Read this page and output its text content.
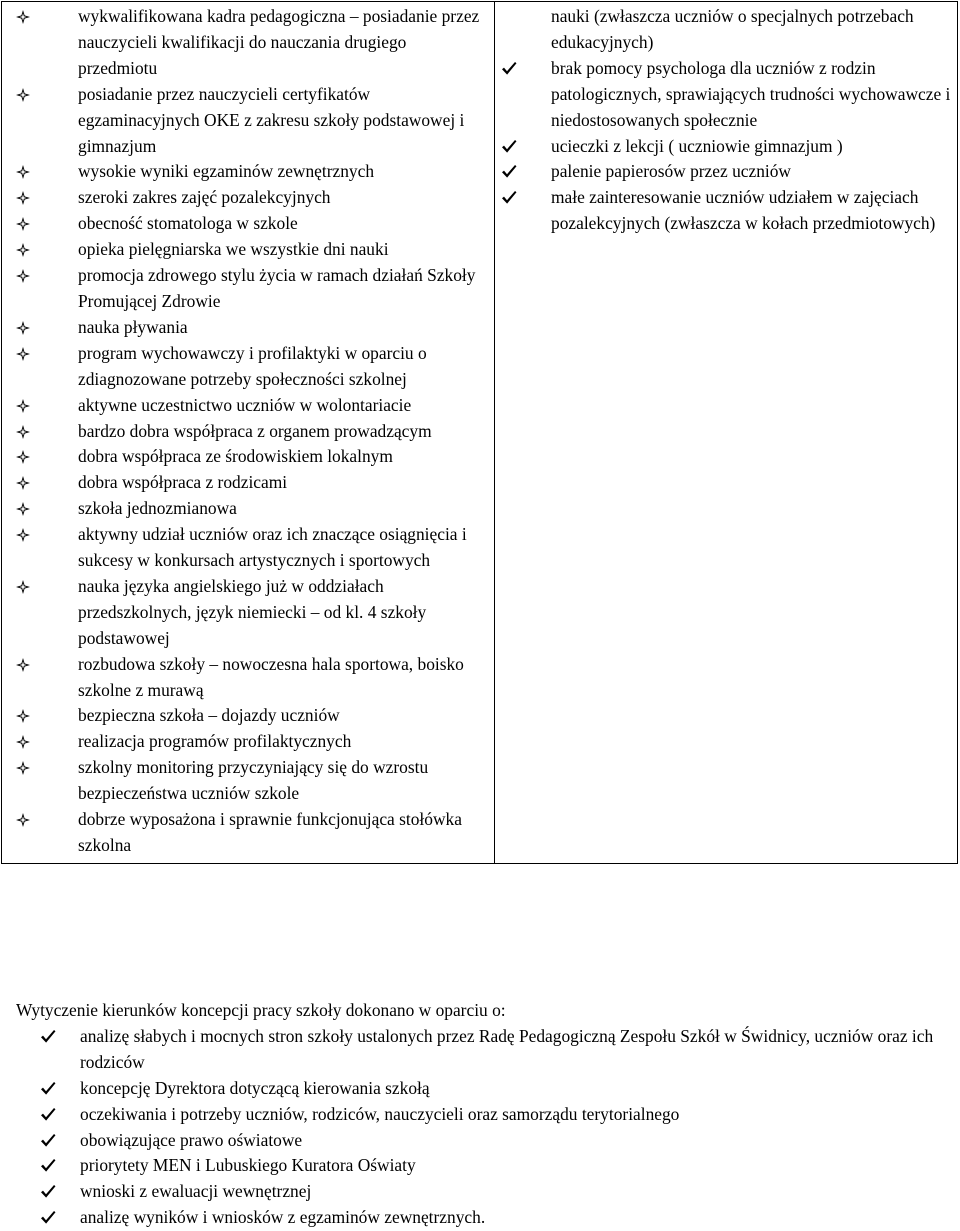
wykwalifikowana kadra pedagogiczna – posiadanie przez nauczycieli kwalifikacji do nauczania drugiego przedmiotu
posiadanie przez nauczycieli certyfikatów egzaminacyjnych OKE z zakresu szkoły podstawowej i gimnazjum
wysokie wyniki egzaminów zewnętrznych
szeroki zakres zajęć pozalekcyjnych
obecność stomatologa w szkole
opieka pielęgniarska we wszystkie dni nauki
promocja zdrowego stylu życia w ramach działań Szkoły Promującej Zdrowie
nauka pływania
program wychowawczy i profilaktyki w oparciu o zdiagnozowane potrzeby społeczności szkolnej
aktywne uczestnictwo uczniów w wolontariacie
bardzo dobra współpraca z organem prowadzącym
dobra współpraca ze środowiskiem lokalnym
dobra współpraca z rodzicami
szkoła jednozmianowa
aktywny udział uczniów oraz ich znaczące osiągnięcia i sukcesy w konkursach artystycznych i sportowych
nauka języka angielskiego już w oddziałach przedszkolnych, język niemiecki – od kl. 4 szkoły podstawowej
rozbudowa szkoły – nowoczesna hala sportowa, boisko szkolne z murawą
bezpieczna szkoła – dojazdy uczniów
realizacja programów profilaktycznych
szkolny monitoring przyczyniający się do wzrostu bezpieczeństwa uczniów szkole
dobrze wyposażona i sprawnie funkcjonująca stołówka szkolna

nauki (zwłaszcza uczniów o specjalnych potrzebach edukacyjnych)
brak pomocy psychologa dla uczniów z rodzin patologicznych, sprawiających trudności wychowawcze i niedostosowanych społecznie
ucieczki z lekcji ( uczniowie gimnazjum )
palenie papierosów przez uczniów
małe zainteresowanie uczniów udziałem w zajęciach pozalekcyjnych (zwłaszcza w kołach przedmiotowych)
Wytyczenie kierunków koncepcji pracy szkoły dokonano w oparciu o:
analizę słabych i mocnych stron szkoły ustalonych przez Radę Pedagogiczną Zespołu Szkół w Świdnicy, uczniów oraz ich rodziców
koncepcję Dyrektora dotyczącą kierowania szkołą
oczekiwania i potrzeby uczniów, rodziców, nauczycieli oraz samorządu terytorialnego
obowiązujące prawo oświatowe
priorytety MEN i Lubuskiego Kuratora Oświaty
wnioski z ewaluacji wewnętrznej
analizę wyników i wniosków z egzaminów zewnętrznych.
